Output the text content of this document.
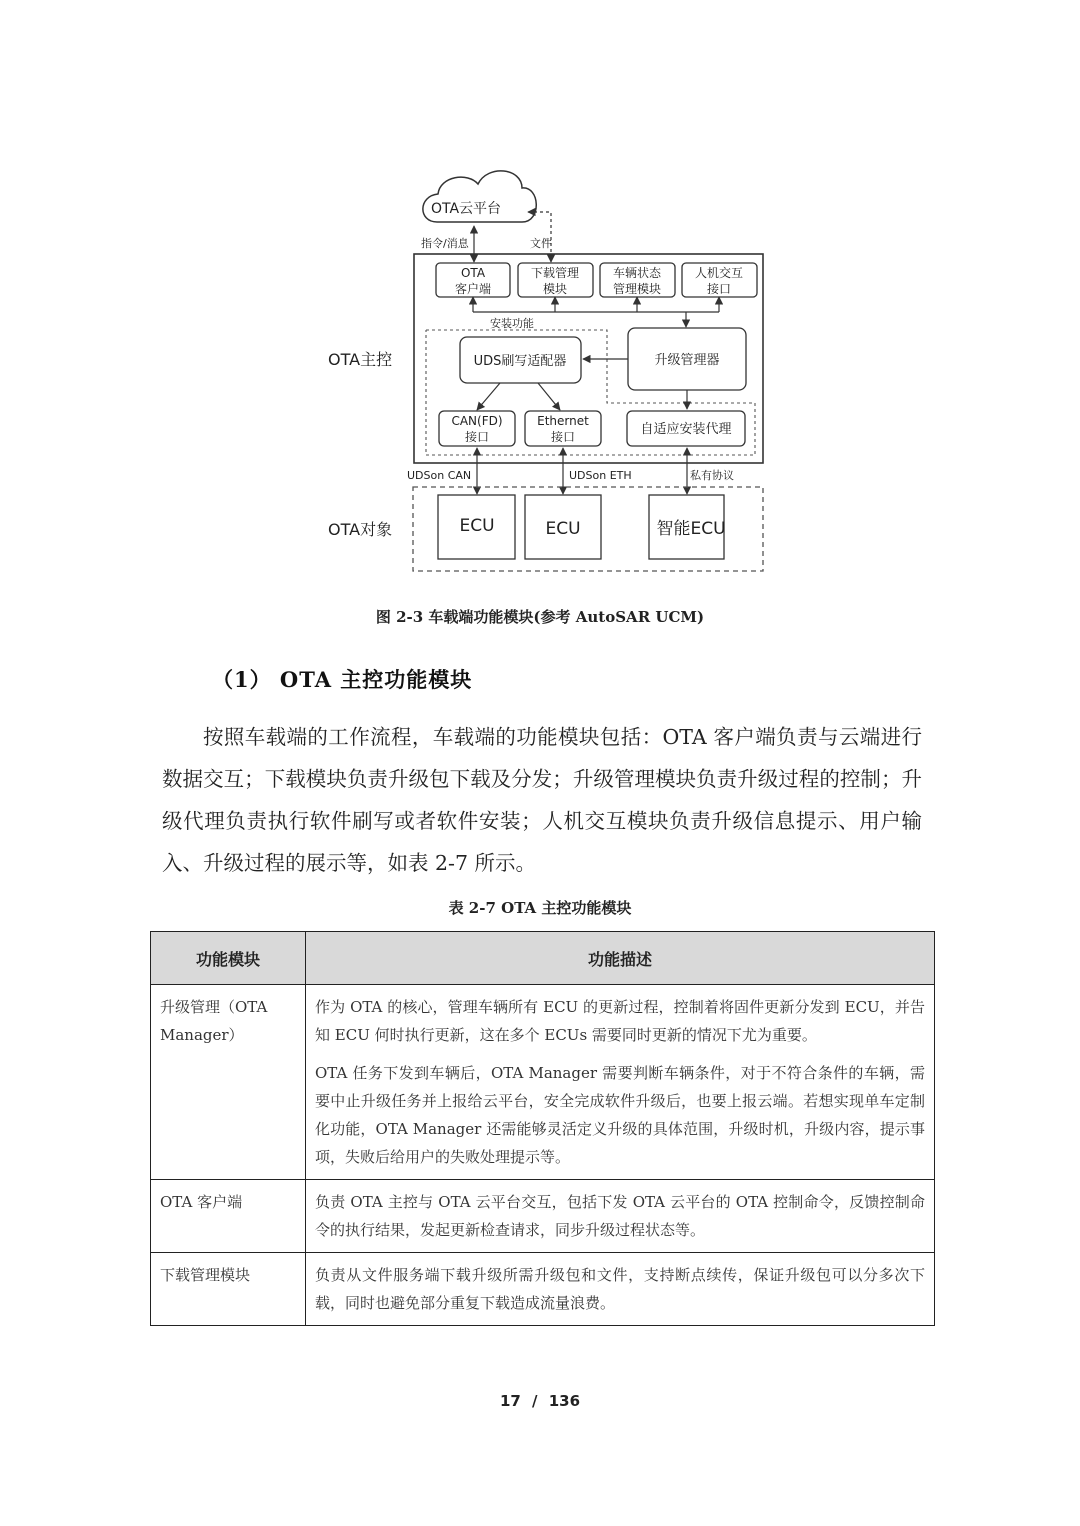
OTA云平台
指令/消息	文件
OTA主控
OTA
客户端
下载管理
模块
车辆状态
管理模块
人机交互
接口
安装功能
UDS刷写适配器	升级管理器
CAN(FD)
接口
Ethernet
接口	自适应安装代理
UDSon CAN	UDSon ETH	私有协议
OTA对象	ECU	ECU	智能ECU
图 2-3 车载端功能模块(参考 AutoSAR UCM)
（1） OTA 主控功能模块

按照车载端的工作流程，车载端的功能模块包括：OTA 客户端负责与云端进行数据交互；下载模块负责升级包下载及分发；升级管理模块负责升级过程的控制；升级代理负责执行软件刷写或者软件安装；人机交互模块负责升级信息提示、用户输入、升级过程的展示等，如表 2-7 所示。

表 2-7 OTA 主控功能模块
功能模块	功能描述
升级管理（OTA Manager）	作为 OTA 的核心，管理车辆所有 ECU 的更新过程，控制着将固件更新分发到 ECU，并告知 ECU 何时执行更新，这在多个 ECUs 需要同时更新的情况下尤为重要。

OTA 任务下发到车辆后，OTA Manager 需要判断车辆条件，对于不符合条件的车辆，需要中止升级任务并上报给云平台，安全完成软件升级后，也要上报云端。若想实现单车定制化功能，OTA Manager 还需能够灵活定义升级的具体范围，升级时机，升级内容，提示事项，失败后给用户的失败处理提示等。

OTA 客户端	负责 OTA 主控与 OTA 云平台交互，包括下发 OTA 云平台的 OTA 控制命令，反馈控制命令的执行结果，发起更新检查请求，同步升级过程状态等。

下载管理模块	负责从文件服务端下载升级所需升级包和文件，支持断点续传，保证升级包可以分多次下载，同时也避免部分重复下载造成流量浪费。

17 / 136
